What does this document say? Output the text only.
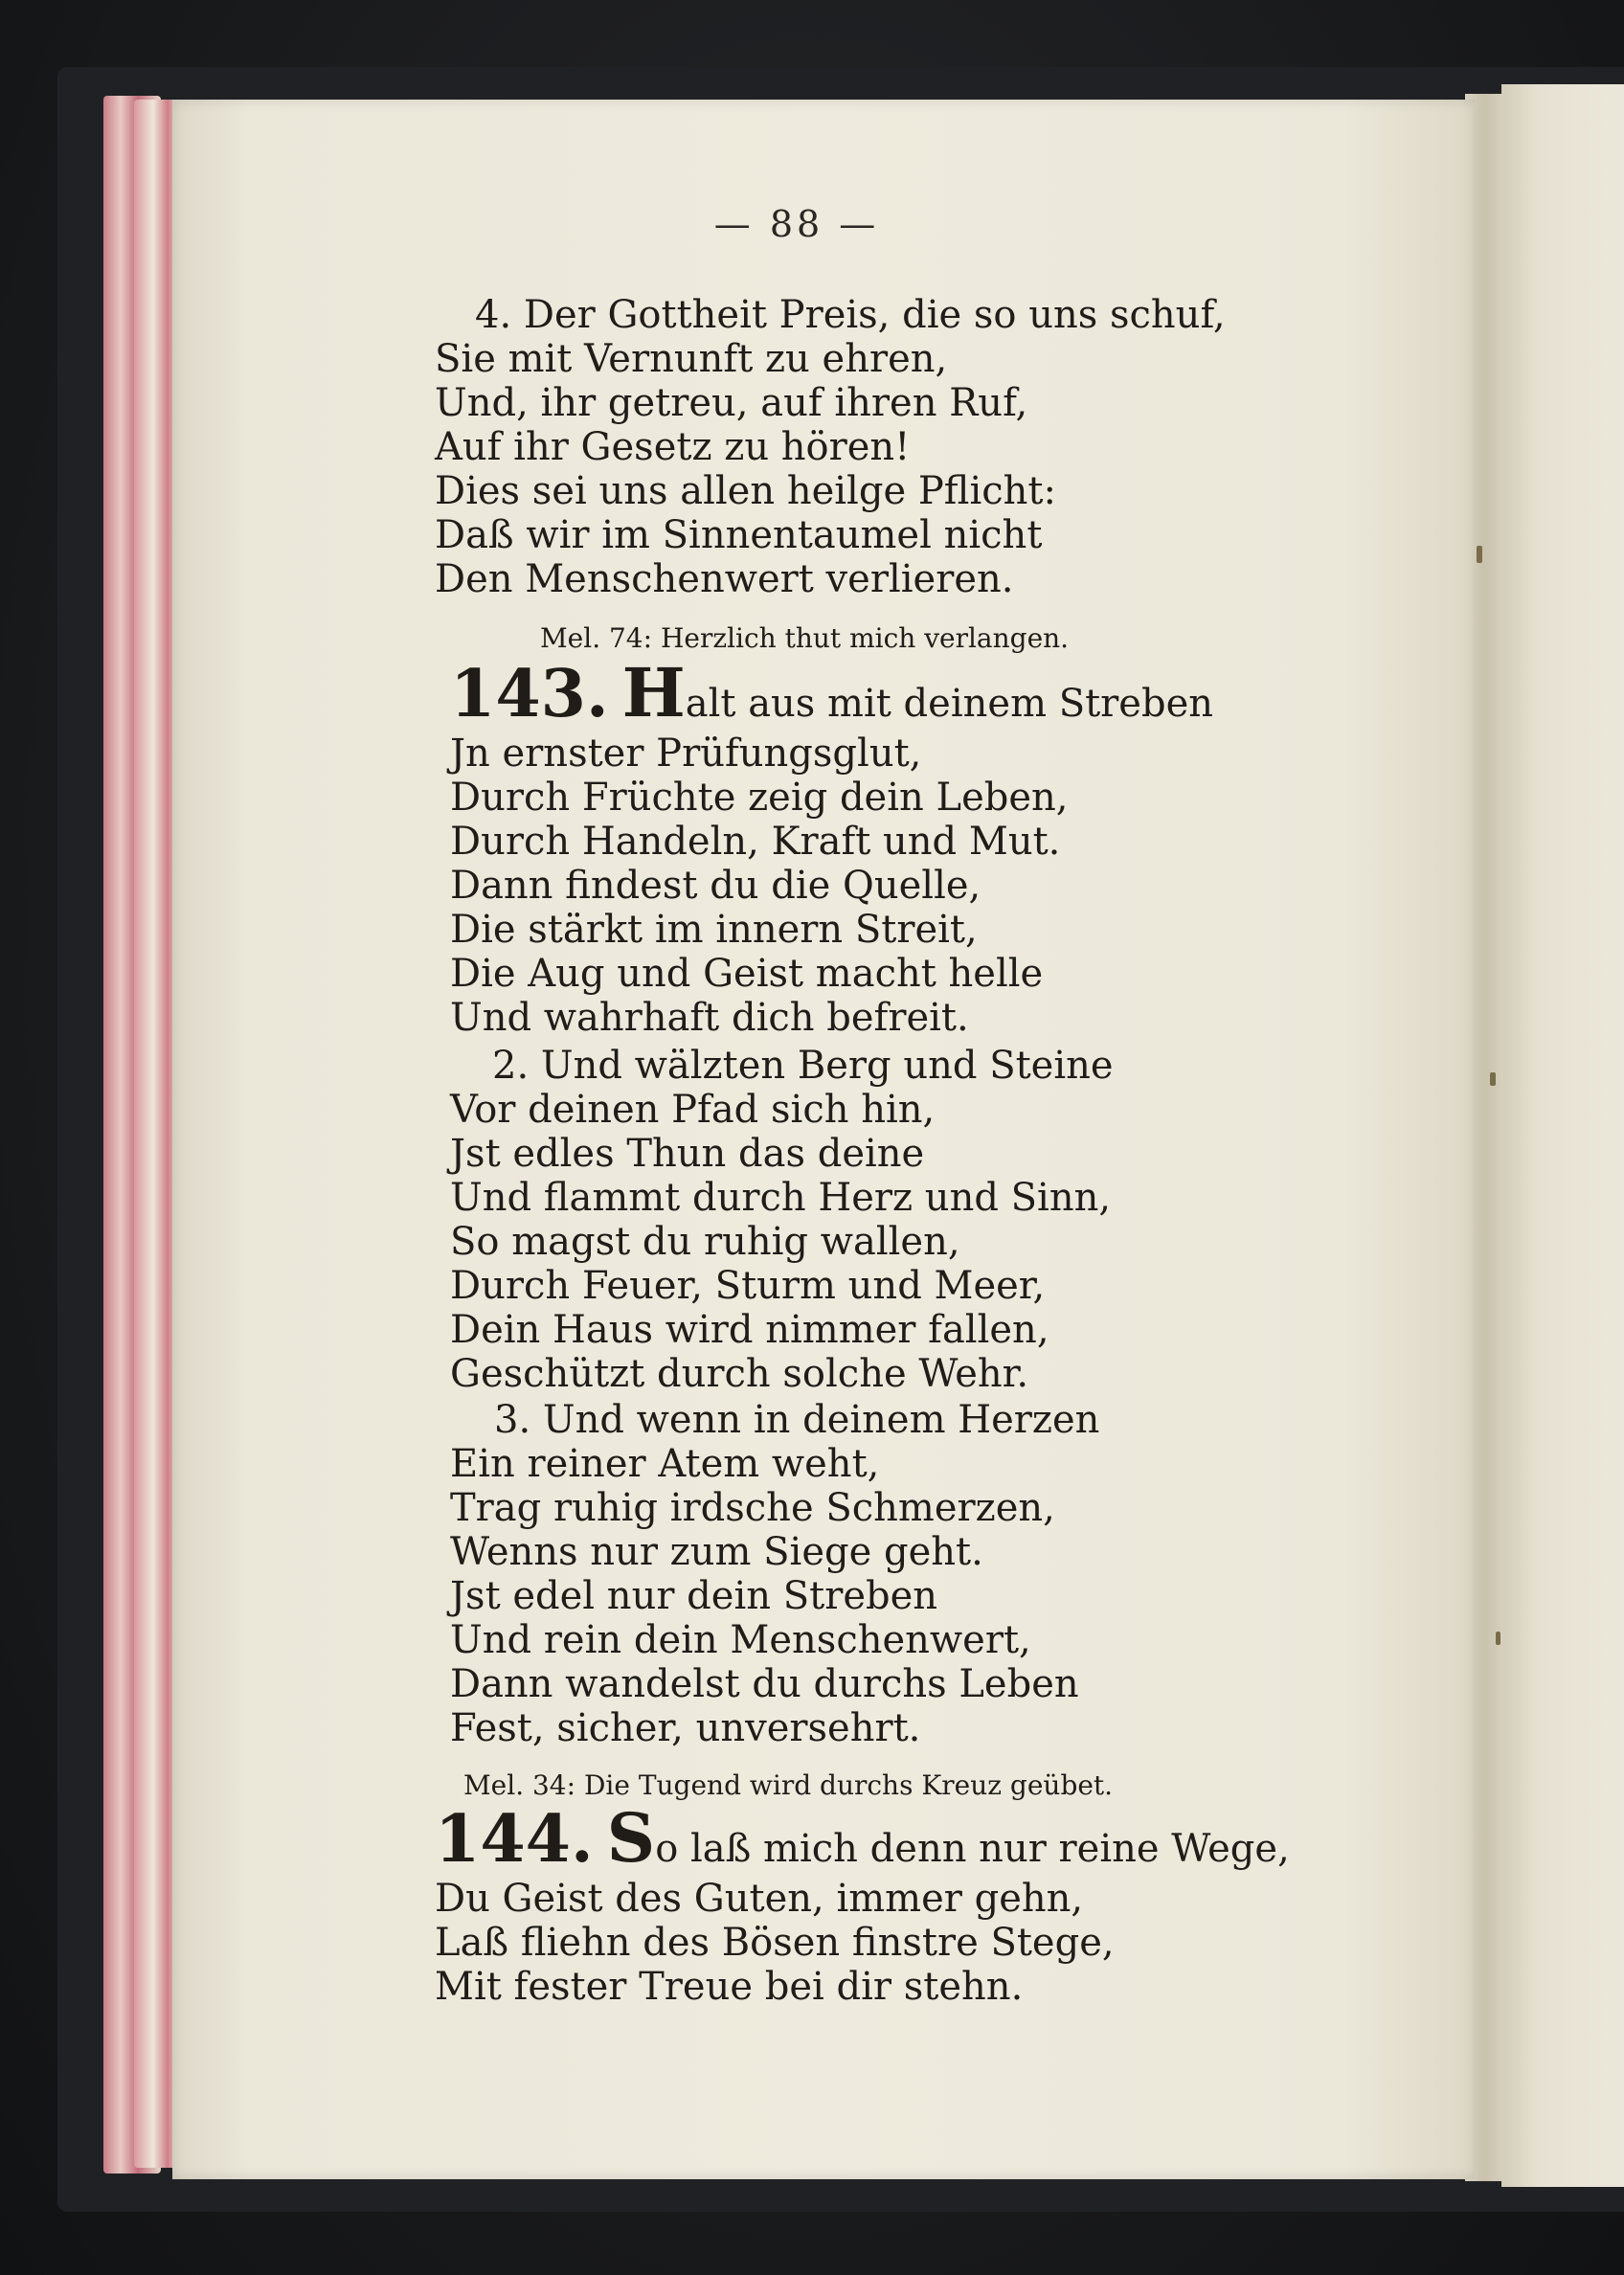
— 88 —
4. Der Gottheit Preis, die so uns schuf,
Sie mit Vernunft zu ehren,
Und, ihr getreu, auf ihren Ruf,
Auf ihr Gesetz zu hören!
Dies sei uns allen heilge Pflicht:
Daß wir im Sinnentaumel nicht
Den Menschenwert verlieren.
Mel. 74: Herzlich thut mich verlangen.
143. Halt aus mit deinem Streben
Jn ernster Prüfungsglut,
Durch Früchte zeig dein Leben,
Durch Handeln, Kraft und Mut.
Dann findest du die Quelle,
Die stärkt im innern Streit,
Die Aug und Geist macht helle
Und wahrhaft dich befreit.
2. Und wälzten Berg und Steine
Vor deinen Pfad sich hin,
Jst edles Thun das deine
Und flammt durch Herz und Sinn,
So magst du ruhig wallen,
Durch Feuer, Sturm und Meer,
Dein Haus wird nimmer fallen,
Geschützt durch solche Wehr.
3. Und wenn in deinem Herzen
Ein reiner Atem weht,
Trag ruhig irdsche Schmerzen,
Wenns nur zum Siege geht.
Jst edel nur dein Streben
Und rein dein Menschenwert,
Dann wandelst du durchs Leben
Fest, sicher, unversehrt.
Mel. 34: Die Tugend wird durchs Kreuz geübet.
144. So laß mich denn nur reine Wege,
Du Geist des Guten, immer gehn,
Laß fliehn des Bösen finstre Stege,
Mit fester Treue bei dir stehn.
